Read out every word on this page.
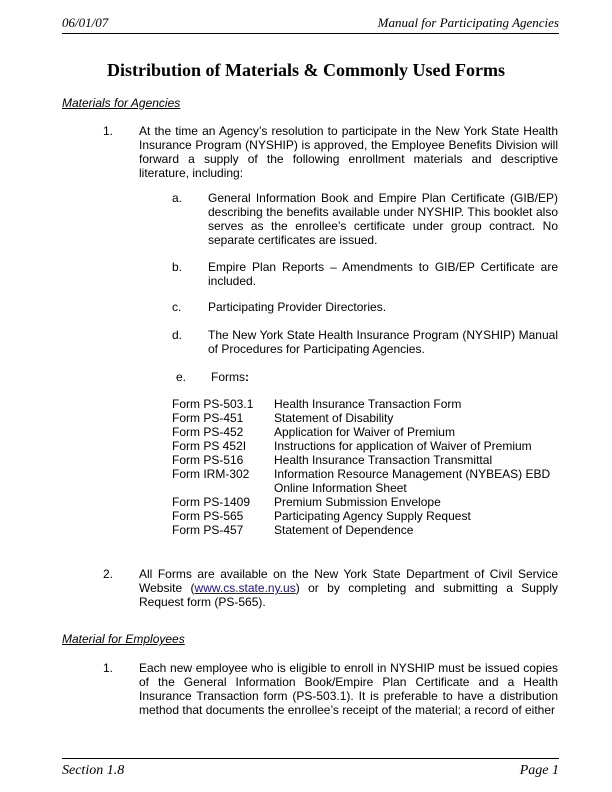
06/01/07	Manual for Participating Agencies
Distribution of Materials & Commonly Used Forms
Materials for Agencies
1. At the time an Agency’s resolution to participate in the New York State Health Insurance Program (NYSHIP) is approved, the Employee Benefits Division will forward a supply of the following enrollment materials and descriptive literature, including:
a. General Information Book and Empire Plan Certificate (GIB/EP) describing the benefits available under NYSHIP. This booklet also serves as the enrollee’s certificate under group contract. No separate certificates are issued.
b. Empire Plan Reports – Amendments to GIB/EP Certificate are included.
c. Participating Provider Directories.
d. The New York State Health Insurance Program (NYSHIP) Manual of Procedures for Participating Agencies.
e. Forms:
Form PS-503.1 Health Insurance Transaction Form
Form PS-451	Statement of Disability
Form PS-452	Application for Waiver of Premium
Form PS 452I Instructions for application of Waiver of Premium
Form PS-516	Health Insurance Transaction Transmittal
Form IRM-302 Information Resource Management (NYBEAS) EBD
Online Information Sheet
Form PS-1409 Premium Submission Envelope
Form PS-565	Participating Agency Supply Request
Form PS-457	Statement of Dependence
2. All Forms are available on the New York State Department of Civil Service Website (www.cs.state.ny.us) or by completing and submitting a Supply Request form (PS-565).
Material for Employees
1. Each new employee who is eligible to enroll in NYSHIP must be issued copies of the General Information Book/Empire Plan Certificate and a Health Insurance Transaction form (PS-503.1). It is preferable to have a distribution method that documents the enrollee’s receipt of the material; a record of either
Section 1.8	Page 1
